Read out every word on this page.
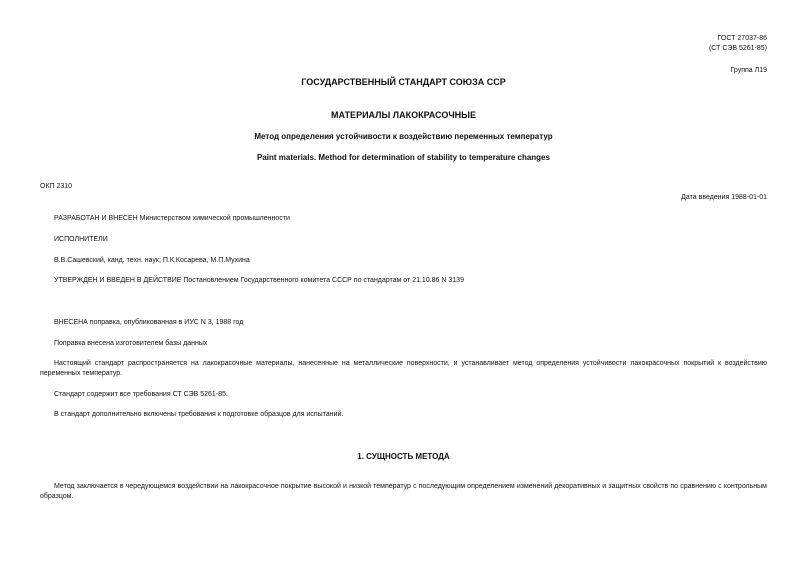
ГОСТ 27037-86
(СТ СЭВ 5261-85)
Группа Л19
ГОСУДАРСТВЕННЫЙ СТАНДАРТ СОЮЗА ССР
МАТЕРИАЛЫ ЛАКОКРАСОЧНЫЕ
Метод определения устойчивости к воздействию переменных температур
Paint materials. Method for determination of stability to temperature changes
ОКП 2310
Дата введения 1988-01-01
РАЗРАБОТАН И ВНЕСЕН Министерством химической промышленности
ИСПОЛНИТЕЛИ
В.В.Сашевский, канд. техн. наук; П.К.Косарева, М.П.Мухина
УТВЕРЖДЕН И ВВЕДЕН В ДЕЙСТВИЕ Постановлением Государственного комитета СССР по стандартам от 21.10.86 N 3139
ВНЕСЕНА поправка, опубликованная в ИУС N 3, 1988 год
Поправка внесена изготовителем базы данных
Настоящий стандарт распространяется на лакокрасочные материалы, нанесенные на металлические поверхности, и устанавливает метод определения устойчивости лакокрасочных покрытий к воздействию переменных температур.
Стандарт содержит все требования СТ СЭВ 5261-85.
В стандарт дополнительно включены требования к подготовке образцов для испытаний.
1. СУЩНОСТЬ МЕТОДА
Метод заключается в чередующемся воздействии на лакокрасочное покрытие высокой и низкой температур с последующим определением изменений декоративных и защитных свойств по сравнению с контрольным образцом.
